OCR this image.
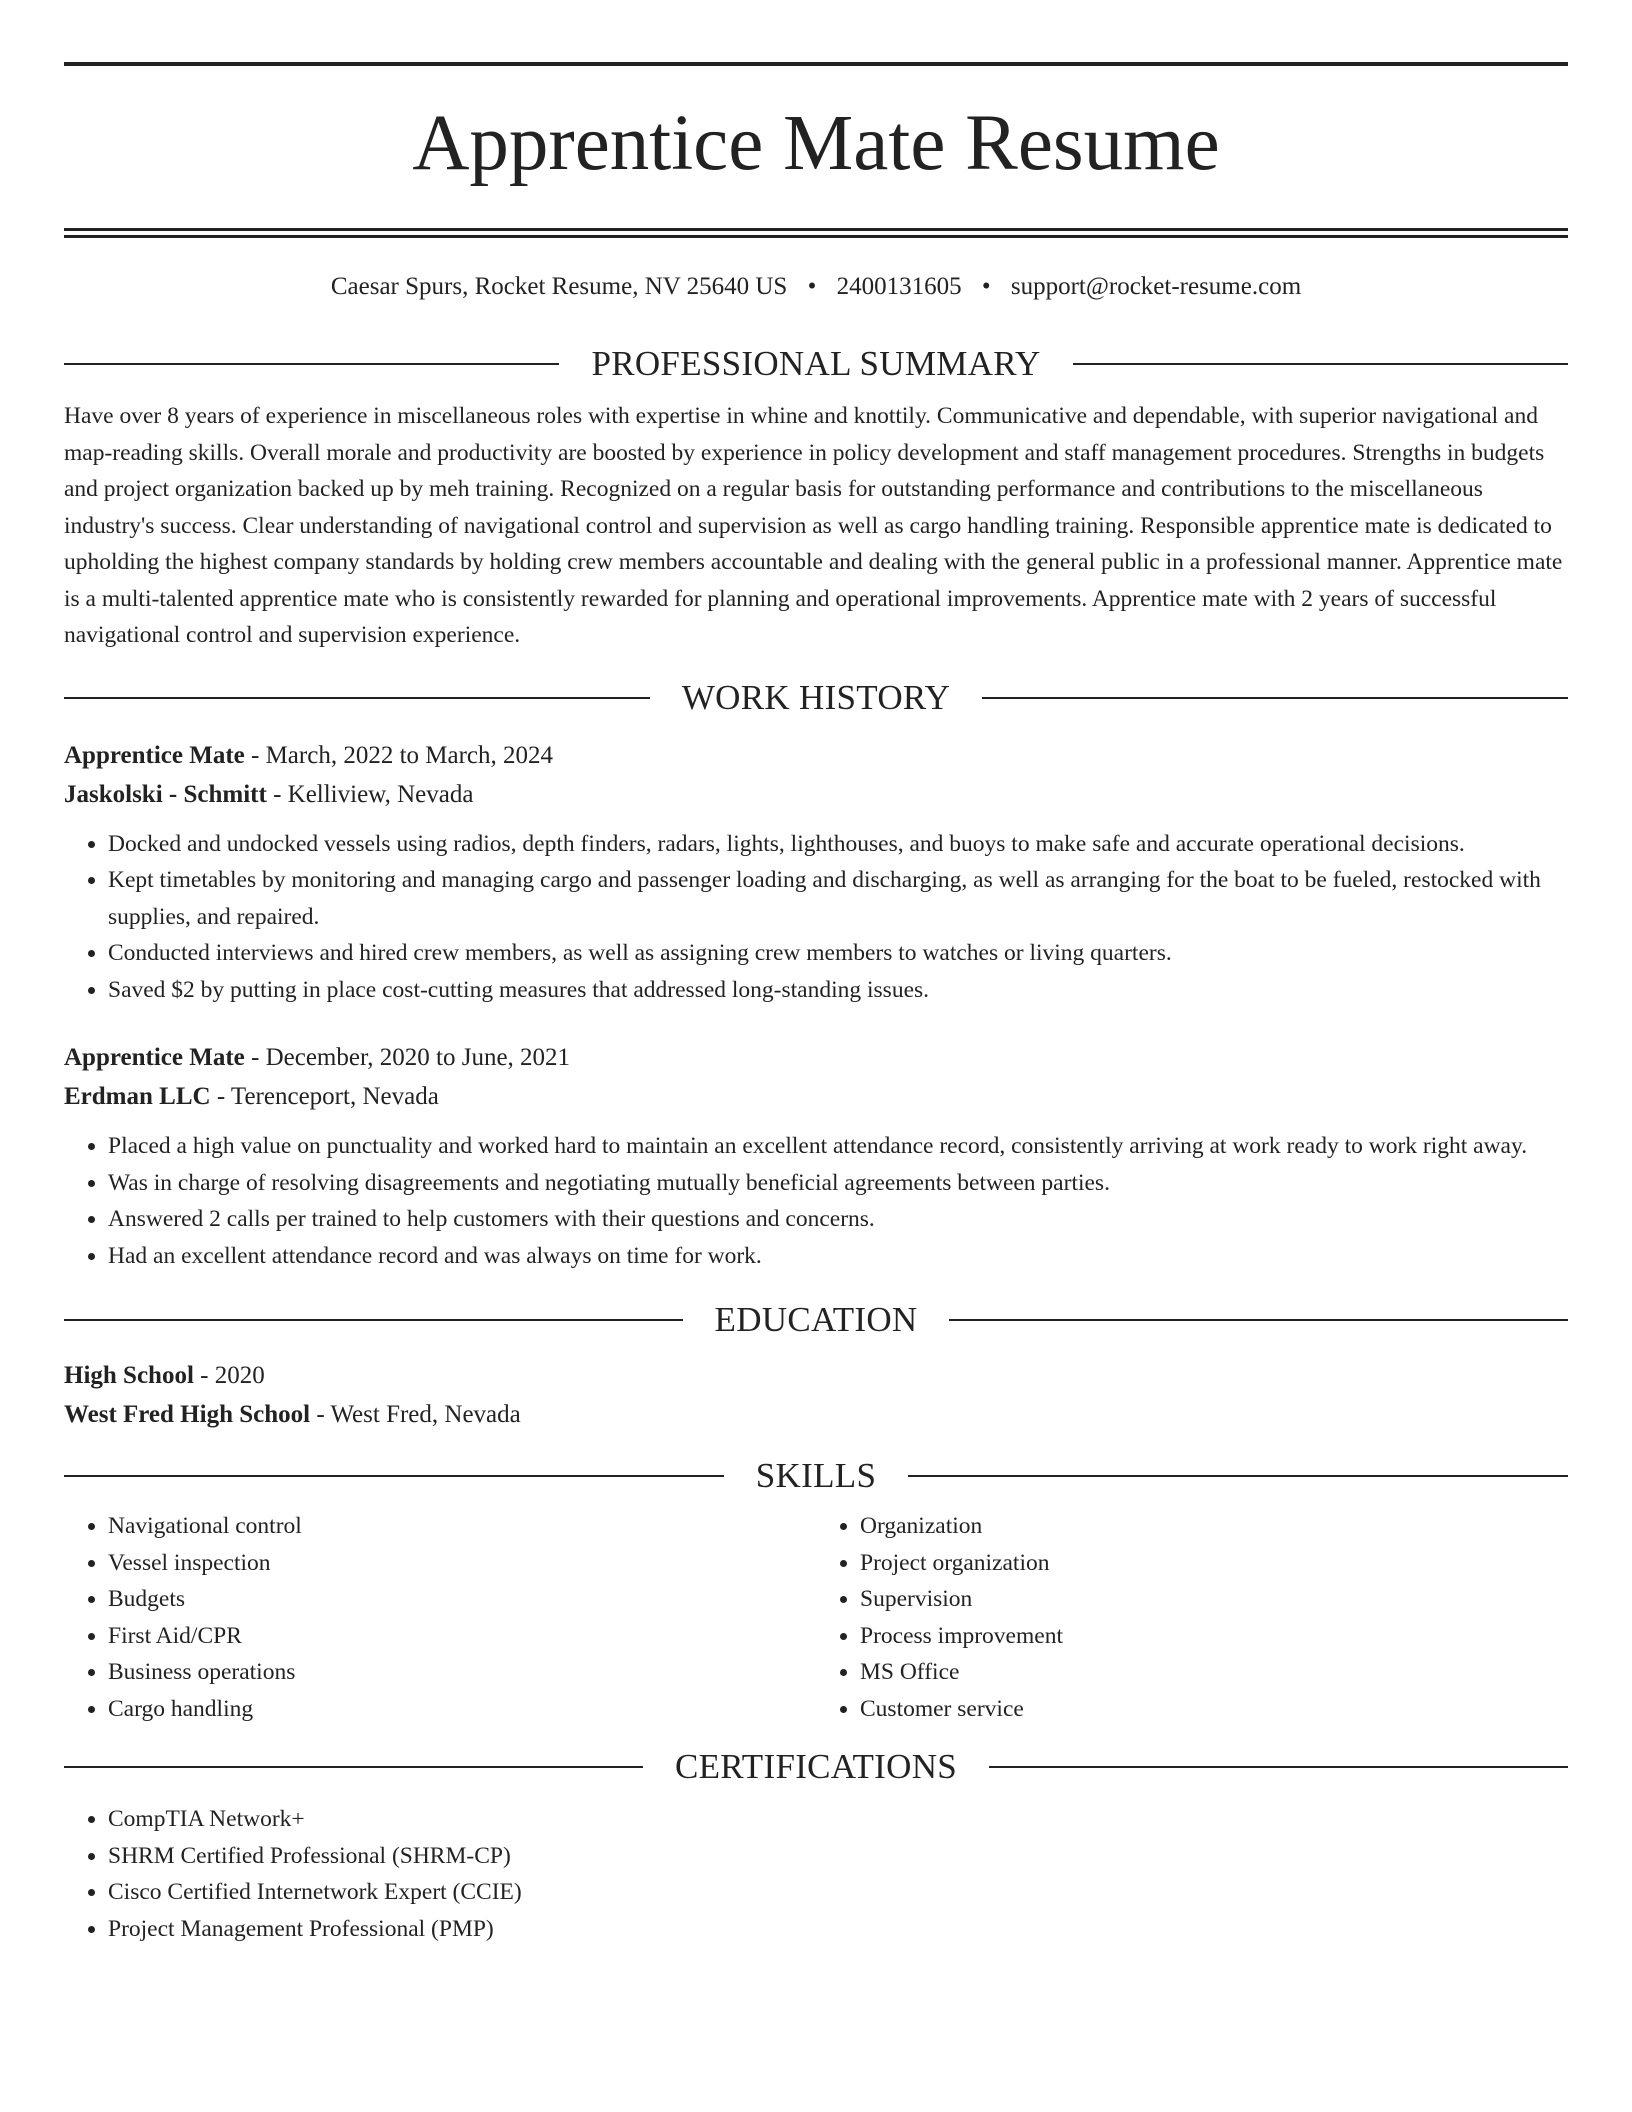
Apprentice Mate Resume
Caesar Spurs, Rocket Resume, NV 25640 US • 2400131605 • support@rocket-resume.com
PROFESSIONAL SUMMARY

Have over 8 years of experience in miscellaneous roles with expertise in whine and knottily. Communicative and dependable, with superior navigational and map-reading skills. Overall morale and productivity are boosted by experience in policy development and staff management procedures. Strengths in budgets and project organization backed up by meh training. Recognized on a regular basis for outstanding performance and contributions to the miscellaneous industry's success. Clear understanding of navigational control and supervision as well as cargo handling training. Responsible apprentice mate is dedicated to upholding the highest company standards by holding crew members accountable and dealing with the general public in a professional manner. Apprentice mate is a multi-talented apprentice mate who is consistently rewarded for planning and operational improvements. Apprentice mate with 2 years of successful navigational control and supervision experience.

WORK HISTORY
Apprentice Mate - March, 2022 to March, 2024
Jaskolski - Schmitt - Kelliview, Nevada
• Docked and undocked vessels using radios, depth finders, radars, lights, lighthouses, and buoys to make safe and accurate operational decisions.
• Kept timetables by monitoring and managing cargo and passenger loading and discharging, as well as arranging for the boat to be fueled, restocked with supplies, and repaired.
• Conducted interviews and hired crew members, as well as assigning crew members to watches or living quarters.
• Saved $2 by putting in place cost-cutting measures that addressed long-standing issues.
Apprentice Mate - December, 2020 to June, 2021
Erdman LLC - Terenceport, Nevada
• Placed a high value on punctuality and worked hard to maintain an excellent attendance record, consistently arriving at work ready to work right away.
• Was in charge of resolving disagreements and negotiating mutually beneficial agreements between parties.
• Answered 2 calls per trained to help customers with their questions and concerns.
• Had an excellent attendance record and was always on time for work.
EDUCATION
High School - 2020
West Fred High School - West Fred, Nevada
SKILLS
• Navigational control
• Vessel inspection
• Budgets
• First Aid/CPR
• Business operations
• Cargo handling
• Organization
• Project organization
• Supervision
• Process improvement
• MS Office
• Customer service
CERTIFICATIONS
• CompTIA Network+
• SHRM Certified Professional (SHRM-CP)
• Cisco Certified Internetwork Expert (CCIE)
• Project Management Professional (PMP)
